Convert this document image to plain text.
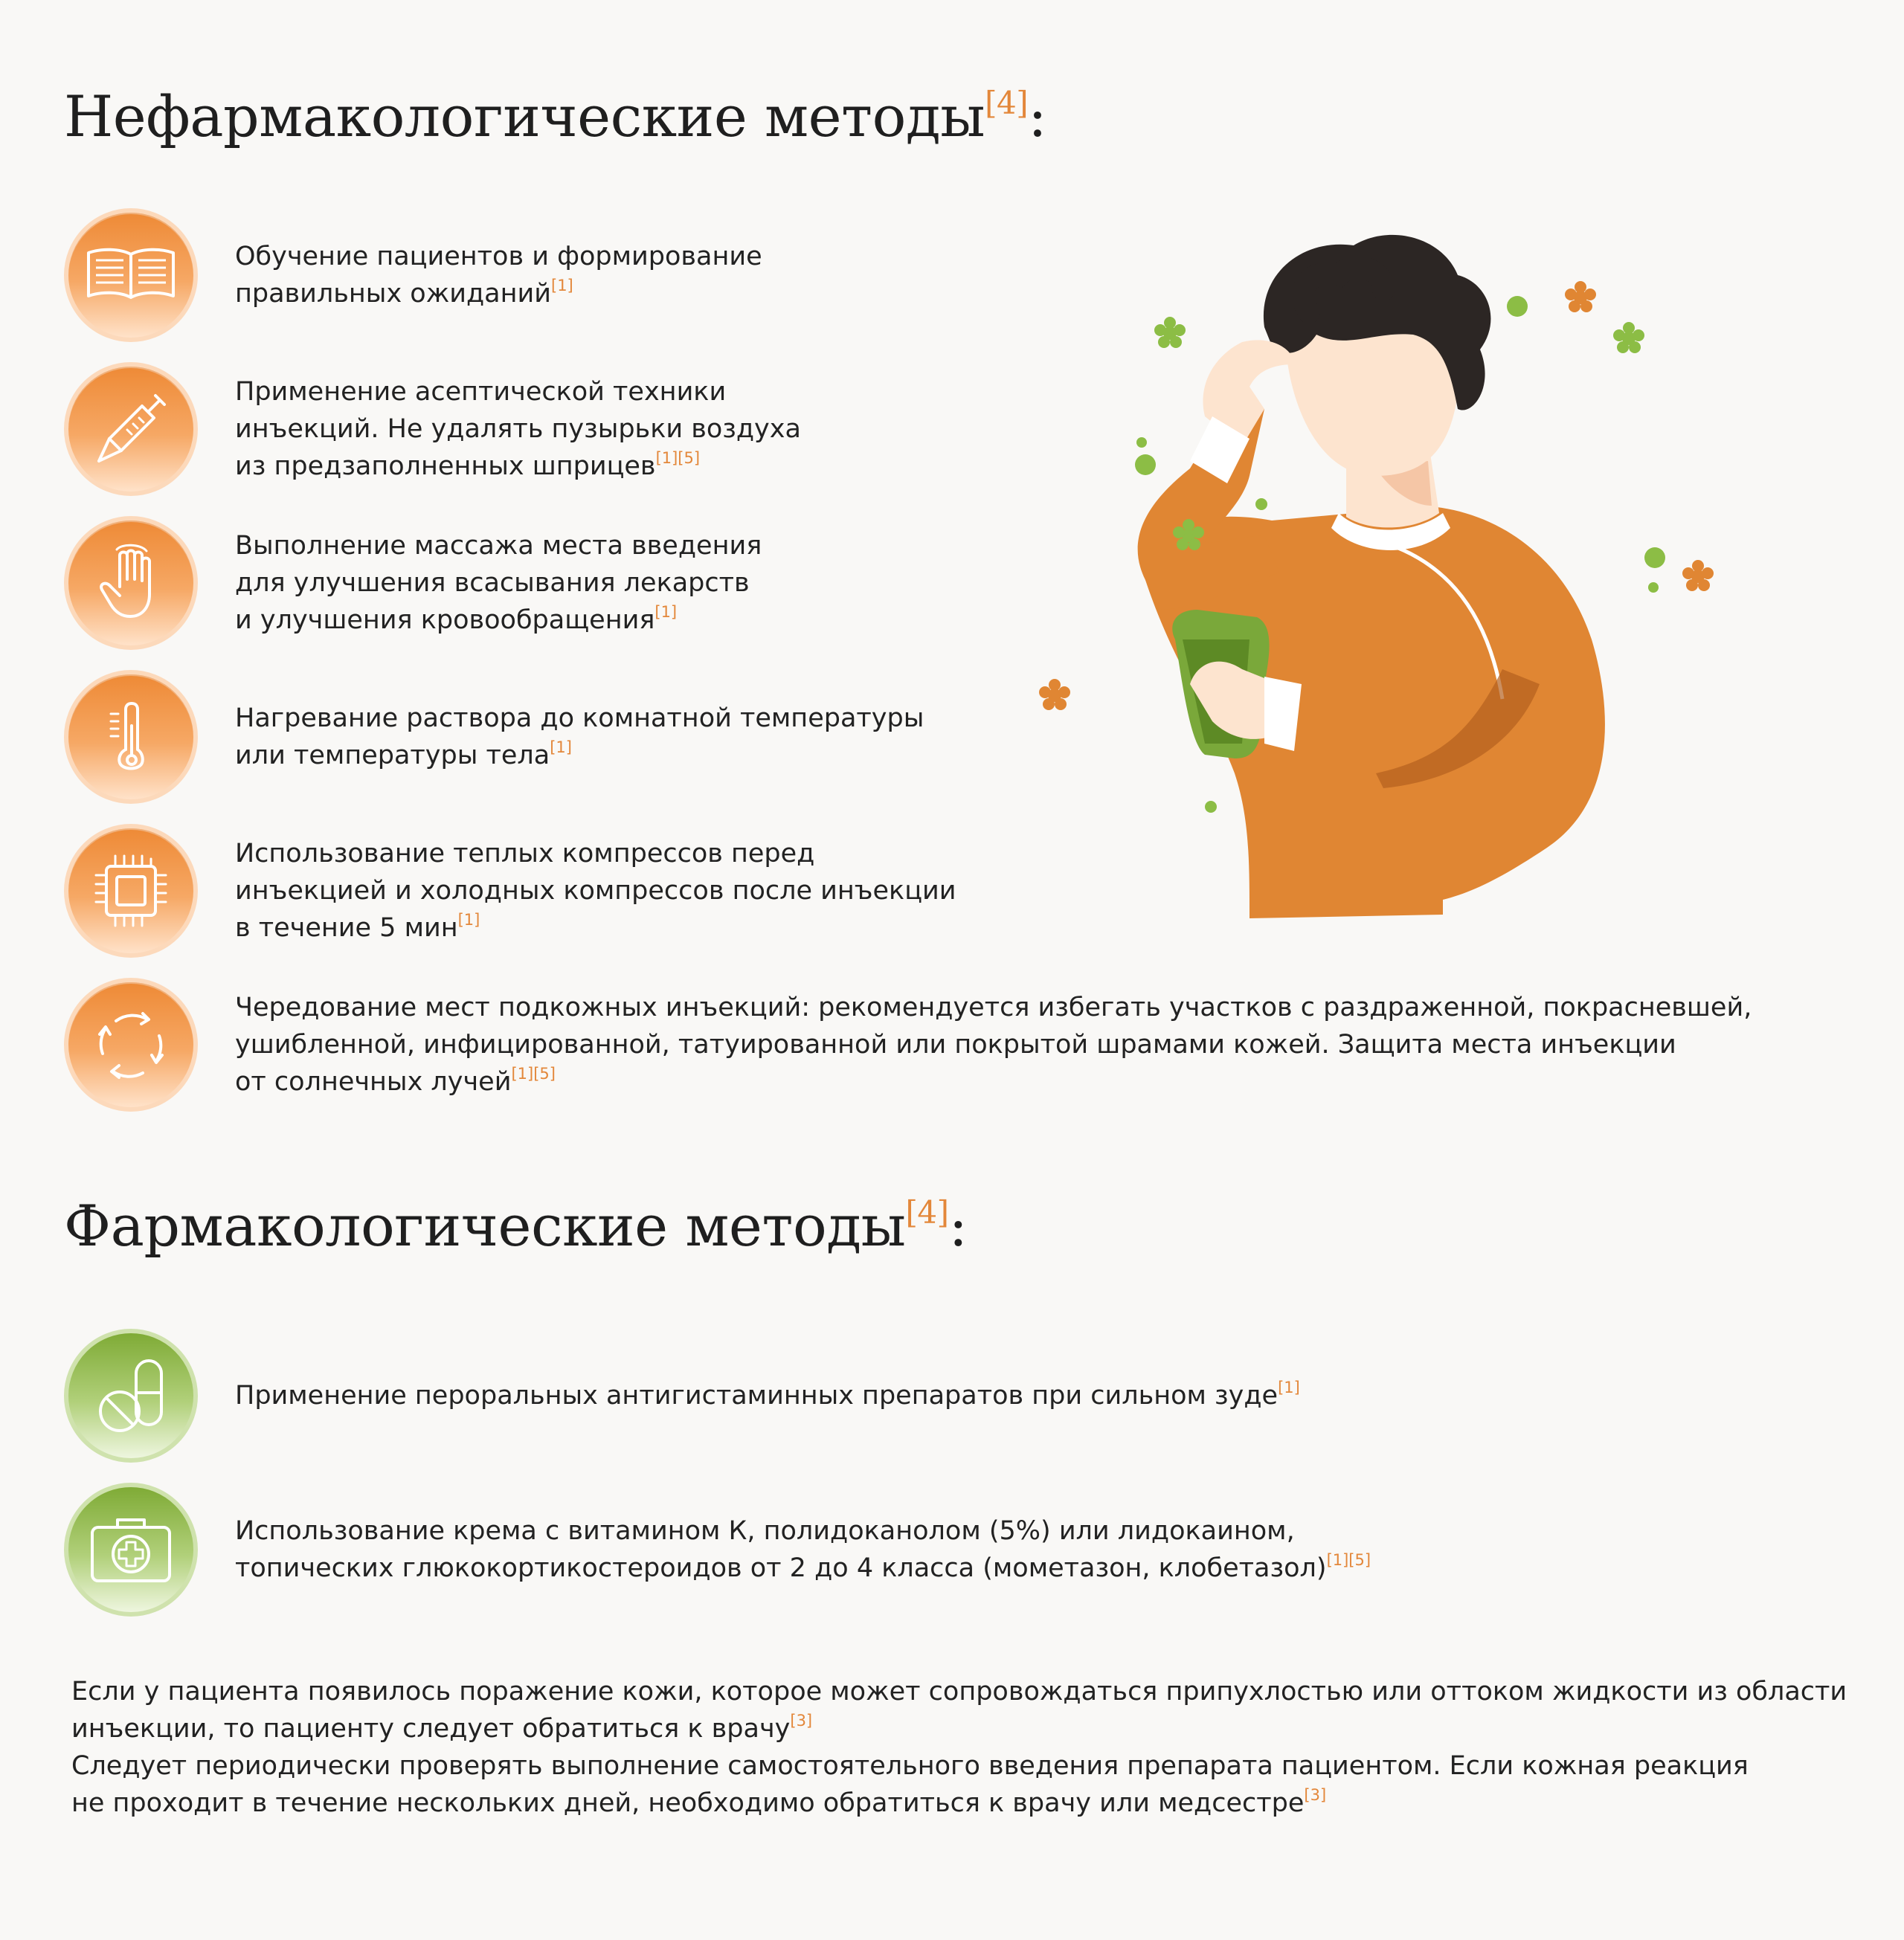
Нефармакологические методы[4]:
Обучение пациентов и формирование
правильных ожиданий[1]
Применение асептической техники
инъекций. Не удалять пузырьки воздуха
из предзаполненных шприцев[1][5]
Выполнение массажа места введения
для улучшения всасывания лекарств
и улучшения кровообращения[1]
Нагревание раствора до комнатной температуры
или температуры тела[1]
Использование теплых компрессов перед
инъекцией и холодных компрессов после инъекции
в течение 5 мин[1]
Чередование мест подкожных инъекций: рекомендуется избегать участков с раздраженной, покрасневшей,
ушибленной, инфицированной, татуированной или покрытой шрамами кожей. Защита места инъекции
от солнечных лучей[1][5]
Фармакологические методы[4]:
Применение пероральных антигистаминных препаратов при сильном зуде[1]
Использование крема с витамином К, полидоканолом (5%) или лидокаином,
топических глюкокортикостероидов от 2 до 4 класса (мометазон, клобетазол)[1][5]
Если у пациента появилось поражение кожи, которое может сопровождаться припухлостью или оттоком жидкости из области
инъекции, то пациенту следует обратиться к врачу[3]
Следует периодически проверять выполнение самостоятельного введения препарата пациентом. Если кожная реакция
не проходит в течение нескольких дней, необходимо обратиться к врачу или медсестре[3]
